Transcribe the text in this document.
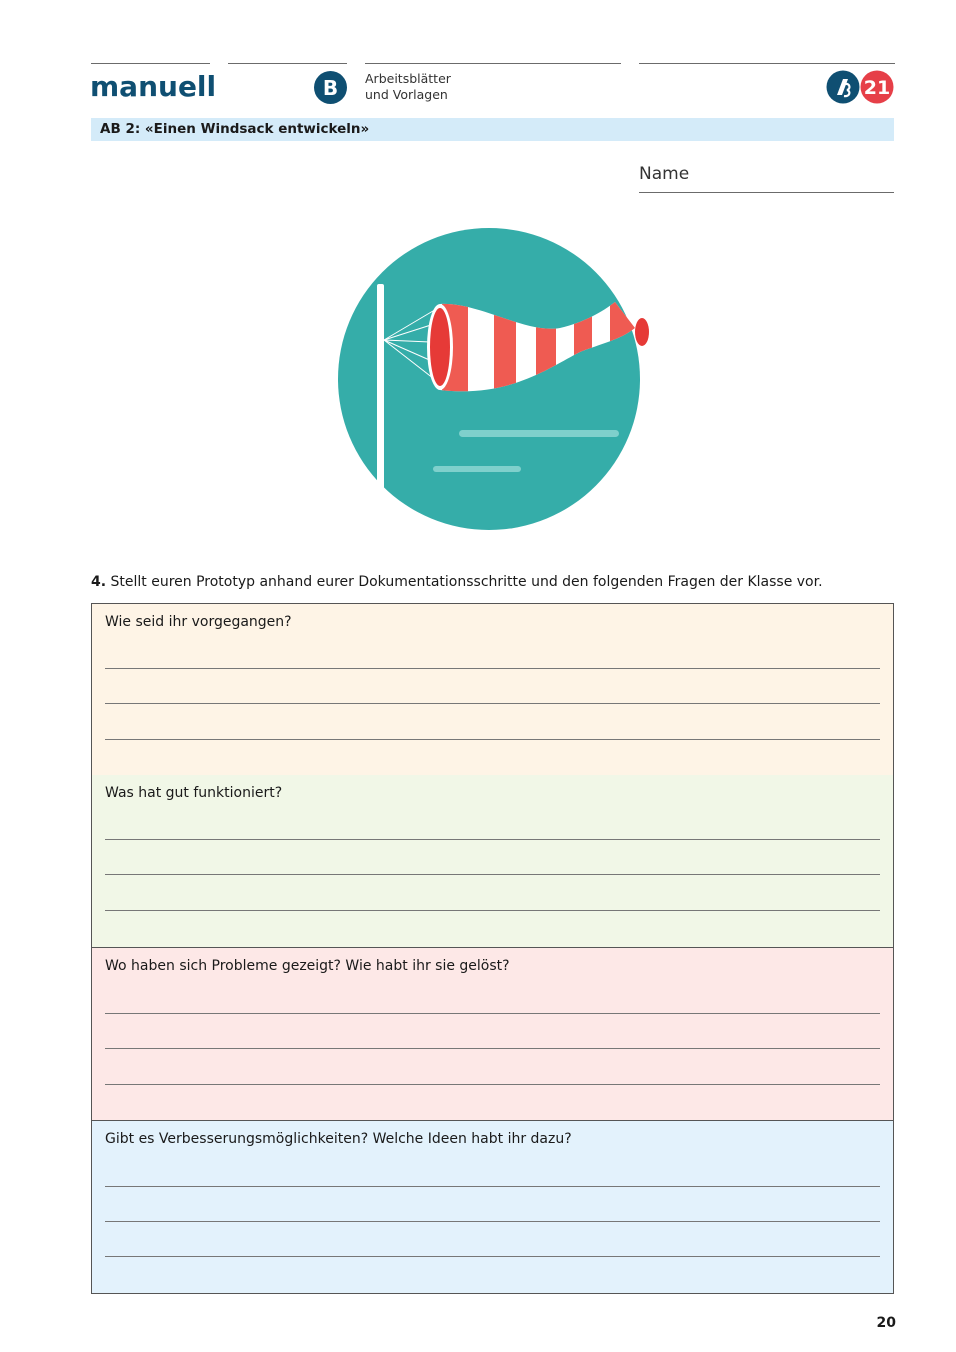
manuell	B	Arbeitsblätter
und Vorlagen	21
AB 2: «Einen Windsack entwickeln»
Name
4. Stellt euren Prototyp anhand eurer Dokumentationsschritte und den folgenden Fragen der Klasse vor.
Wie seid ihr vorgegangen?
Was hat gut funktioniert?
Wo haben sich Probleme gezeigt? Wie habt ihr sie gelöst?
Gibt es Verbesserungsmöglichkeiten? Welche Ideen habt ihr dazu?
20
